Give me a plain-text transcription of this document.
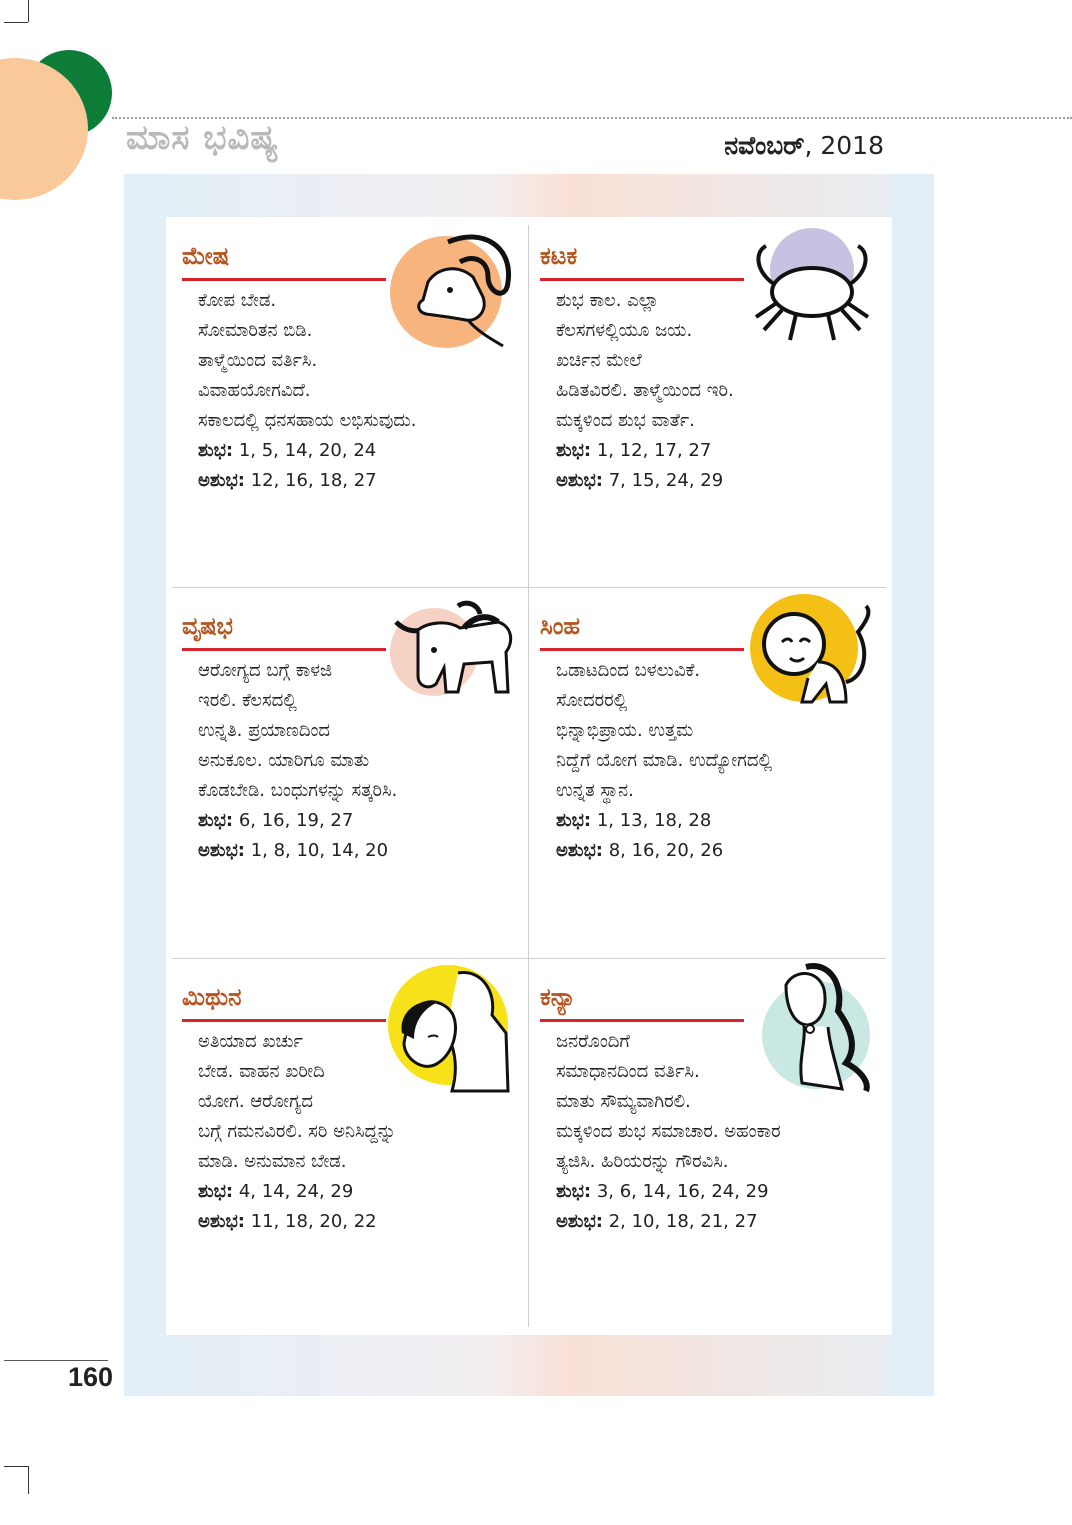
ಮಾಸ ಭವಿಷ್ಯ	ನವೆಂಬರ್, 2018
ಮೇಷ
ಕೋಪ ಬೇಡ.
ಸೋಮಾರಿತನ ಬಿಡಿ.
ತಾಳ್ಮೆಯಿಂದ ವರ್ತಿಸಿ.
ವಿವಾಹಯೋಗವಿದೆ.
ಸಕಾಲದಲ್ಲಿ ಧನಸಹಾಯ ಲಭಿಸುವುದು.
ಶುಭ: 1, 5, 14, 20, 24
ಅಶುಭ: 12, 16, 18, 27
ಕಟಕ
ಶುಭ ಕಾಲ. ಎಲ್ಲಾ
ಕೆಲಸಗಳಲ್ಲಿಯೂ ಜಯ.
ಖರ್ಚಿನ ಮೇಲೆ
ಹಿಡಿತವಿರಲಿ. ತಾಳ್ಮೆಯಿಂದ ಇರಿ.
ಮಕ್ಕಳಿಂದ ಶುಭ ವಾರ್ತೆ.
ಶುಭ: 1, 12, 17, 27
ಅಶುಭ: 7, 15, 24, 29
ವೃಷಭ
ಆರೋಗ್ಯದ ಬಗ್ಗೆ ಕಾಳಜಿ
ಇರಲಿ. ಕೆಲಸದಲ್ಲಿ
ಉನ್ನತಿ. ಪ್ರಯಾಣದಿಂದ
ಅನುಕೂಲ. ಯಾರಿಗೂ ಮಾತು
ಕೊಡಬೇಡಿ. ಬಂಧುಗಳನ್ನು ಸತ್ಕರಿಸಿ.
ಶುಭ: 6, 16, 19, 27
ಅಶುಭ: 1, 8, 10, 14, 20
ಸಿಂಹ
ಒಡಾಟದಿಂದ ಬಳಲುವಿಕೆ.
ಸೋದರರಲ್ಲಿ
ಭಿನ್ನಾಭಿಪ್ರಾಯ. ಉತ್ತಮ
ನಿದ್ದೆಗೆ ಯೋಗ ಮಾಡಿ. ಉದ್ಯೋಗದಲ್ಲಿ
ಉನ್ನತ ಸ್ಥಾನ.
ಶುಭ: 1, 13, 18, 28
ಅಶುಭ: 8, 16, 20, 26
ಮಿಥುನ
ಅತಿಯಾದ ಖರ್ಚು
ಬೇಡ. ವಾಹನ ಖರೀದಿ
ಯೋಗ. ಆರೋಗ್ಯದ
ಬಗ್ಗೆ ಗಮನವಿರಲಿ. ಸರಿ ಅನಿಸಿದ್ದನ್ನು
ಮಾಡಿ. ಅನುಮಾನ ಬೇಡ.
ಶುಭ: 4, 14, 24, 29
ಅಶುಭ: 11, 18, 20, 22
ಕನ್ಯಾ
ಜನರೊಂದಿಗೆ
ಸಮಾಧಾನದಿಂದ ವರ್ತಿಸಿ.
ಮಾತು ಸೌಮ್ಯವಾಗಿರಲಿ.
ಮಕ್ಕಳಿಂದ ಶುಭ ಸಮಾಚಾರ. ಅಹಂಕಾರ
ತ್ಯಜಿಸಿ. ಹಿರಿಯರನ್ನು ಗೌರವಿಸಿ.
ಶುಭ: 3, 6, 14, 16, 24, 29
ಅಶುಭ: 2, 10, 18, 21, 27
160
